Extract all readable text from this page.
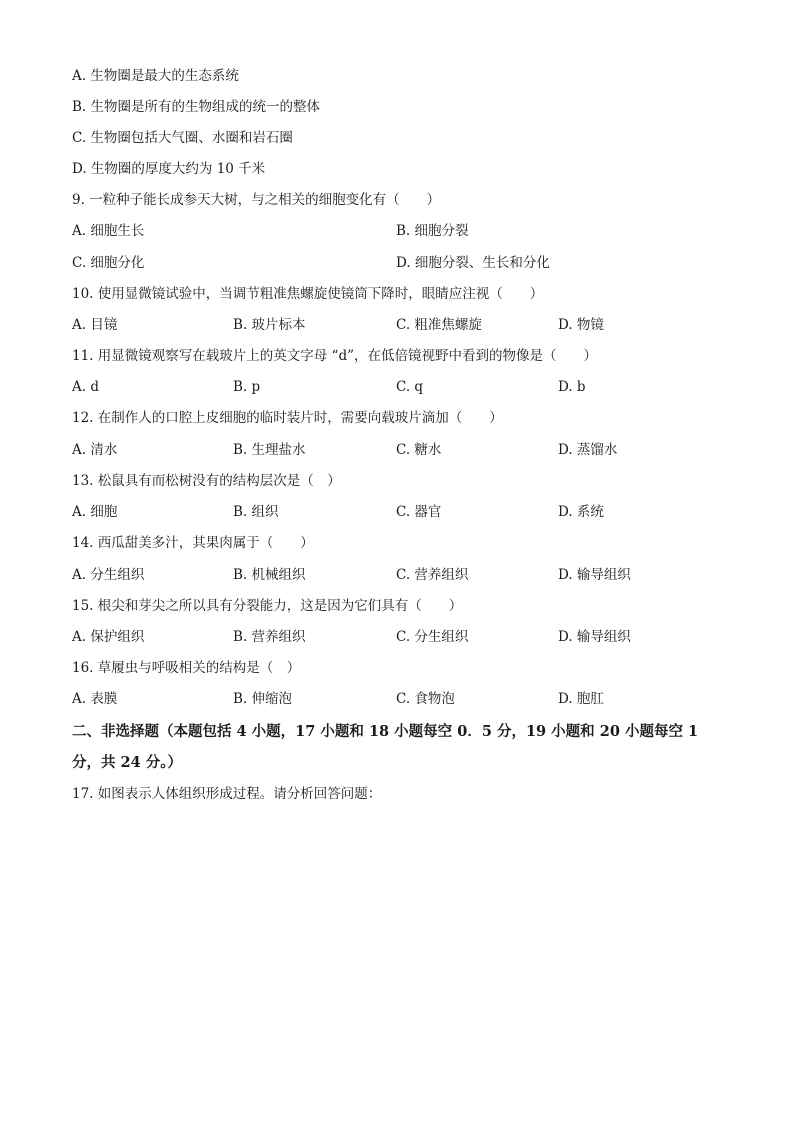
A. 生物圈是最大的生态系统
B. 生物圈是所有的生物组成的统一的整体
C. 生物圈包括大气圈、水圈和岩石圈
D. 生物圈的厚度大约为 10 千米
9. 一粒种子能长成参天大树，与之相关的细胞变化有（　　）
A. 细胞生长	B. 细胞分裂
C. 细胞分化	D. 细胞分裂、生长和分化
10. 使用显微镜试验中，当调节粗准焦螺旋使镜筒下降时，眼睛应注视（　　）
A. 目镜	B. 玻片标本	C. 粗准焦螺旋	D. 物镜
11. 用显微镜观察写在载玻片上的英文字母 “d”，在低倍镜视野中看到的物像是（　　）
A. d	B. p	C. q	D. b
12. 在制作人的口腔上皮细胞的临时装片时，需要向载玻片滴加（　　）
A. 清水	B. 生理盐水	C. 糖水	D. 蒸馏水
13. 松鼠具有而松树没有的结构层次是（　）
A. 细胞	B. 组织	C. 器官	D. 系统
14. 西瓜甜美多汁，其果肉属于（　　）
A. 分生组织	B. 机械组织	C. 营养组织	D. 输导组织
15. 根尖和芽尖之所以具有分裂能力，这是因为它们具有（　　）
A. 保护组织	B. 营养组织	C. 分生组织	D. 输导组织
16. 草履虫与呼吸相关的结构是（　）
A. 表膜	B. 伸缩泡	C. 食物泡	D. 胞肛
二、非选择题（本题包括 4 小题，17 小题和 18 小题每空 0．5 分，19 小题和 20 小题每空 1 分，共 24 分。）
17. 如图表示人体组织形成过程。请分析回答问题：
